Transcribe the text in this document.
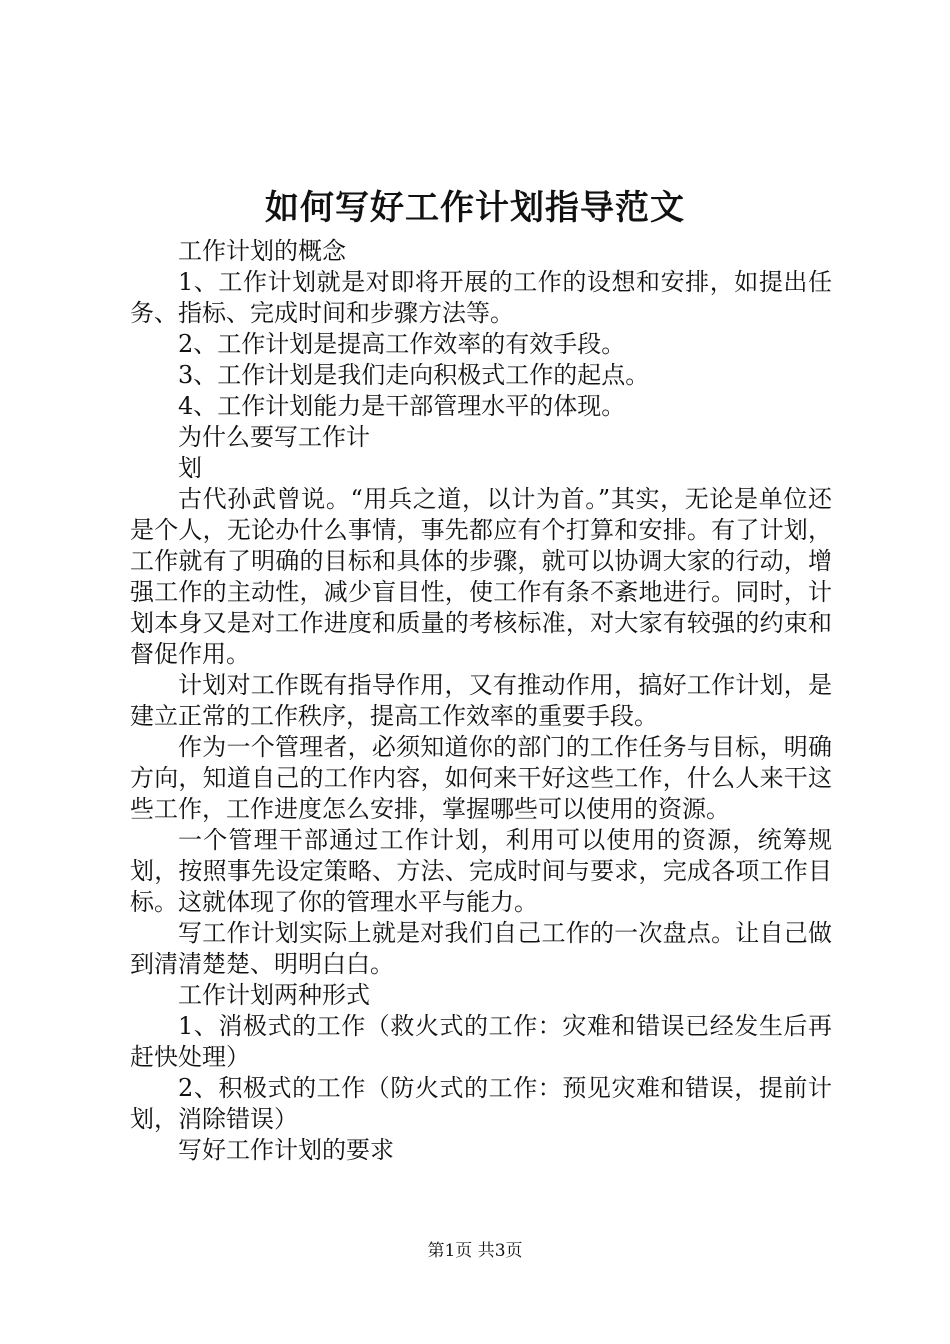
如何写好工作计划指导范文

工作计划的概念

1、工作计划就是对即将开展的工作的设想和安排，如提出任务、指标、完成时间和步骤方法等。

2、工作计划是提高工作效率的有效手段。

3、工作计划是我们走向积极式工作的起点。

4、工作计划能力是干部管理水平的体现。

为什么要写工作计

划

古代孙武曾说。“用兵之道，以计为首。”其实，无论是单位还是个人，无论办什么事情，事先都应有个打算和安排。有了计划，工作就有了明确的目标和具体的步骤，就可以协调大家的行动，增强工作的主动性，减少盲目性，使工作有条不紊地进行。同时，计划本身又是对工作进度和质量的考核标准，对大家有较强的约束和督促作用。

计划对工作既有指导作用，又有推动作用，搞好工作计划，是建立正常的工作秩序，提高工作效率的重要手段。

作为一个管理者，必须知道你的部门的工作任务与目标，明确方向，知道自己的工作内容，如何来干好这些工作，什么人来干这些工作，工作进度怎么安排，掌握哪些可以使用的资源。

一个管理干部通过工作计划，利用可以使用的资源，统筹规划，按照事先设定策略、方法、完成时间与要求，完成各项工作目标。这就体现了你的管理水平与能力。

写工作计划实际上就是对我们自己工作的一次盘点。让自己做到清清楚楚、明明白白。

工作计划两种形式

1、消极式的工作（救火式的工作：灾难和错误已经发生后再赶快处理）

2、积极式的工作（防火式的工作：预见灾难和错误，提前计划，消除错误）

写好工作计划的要求

第1页 共3页
